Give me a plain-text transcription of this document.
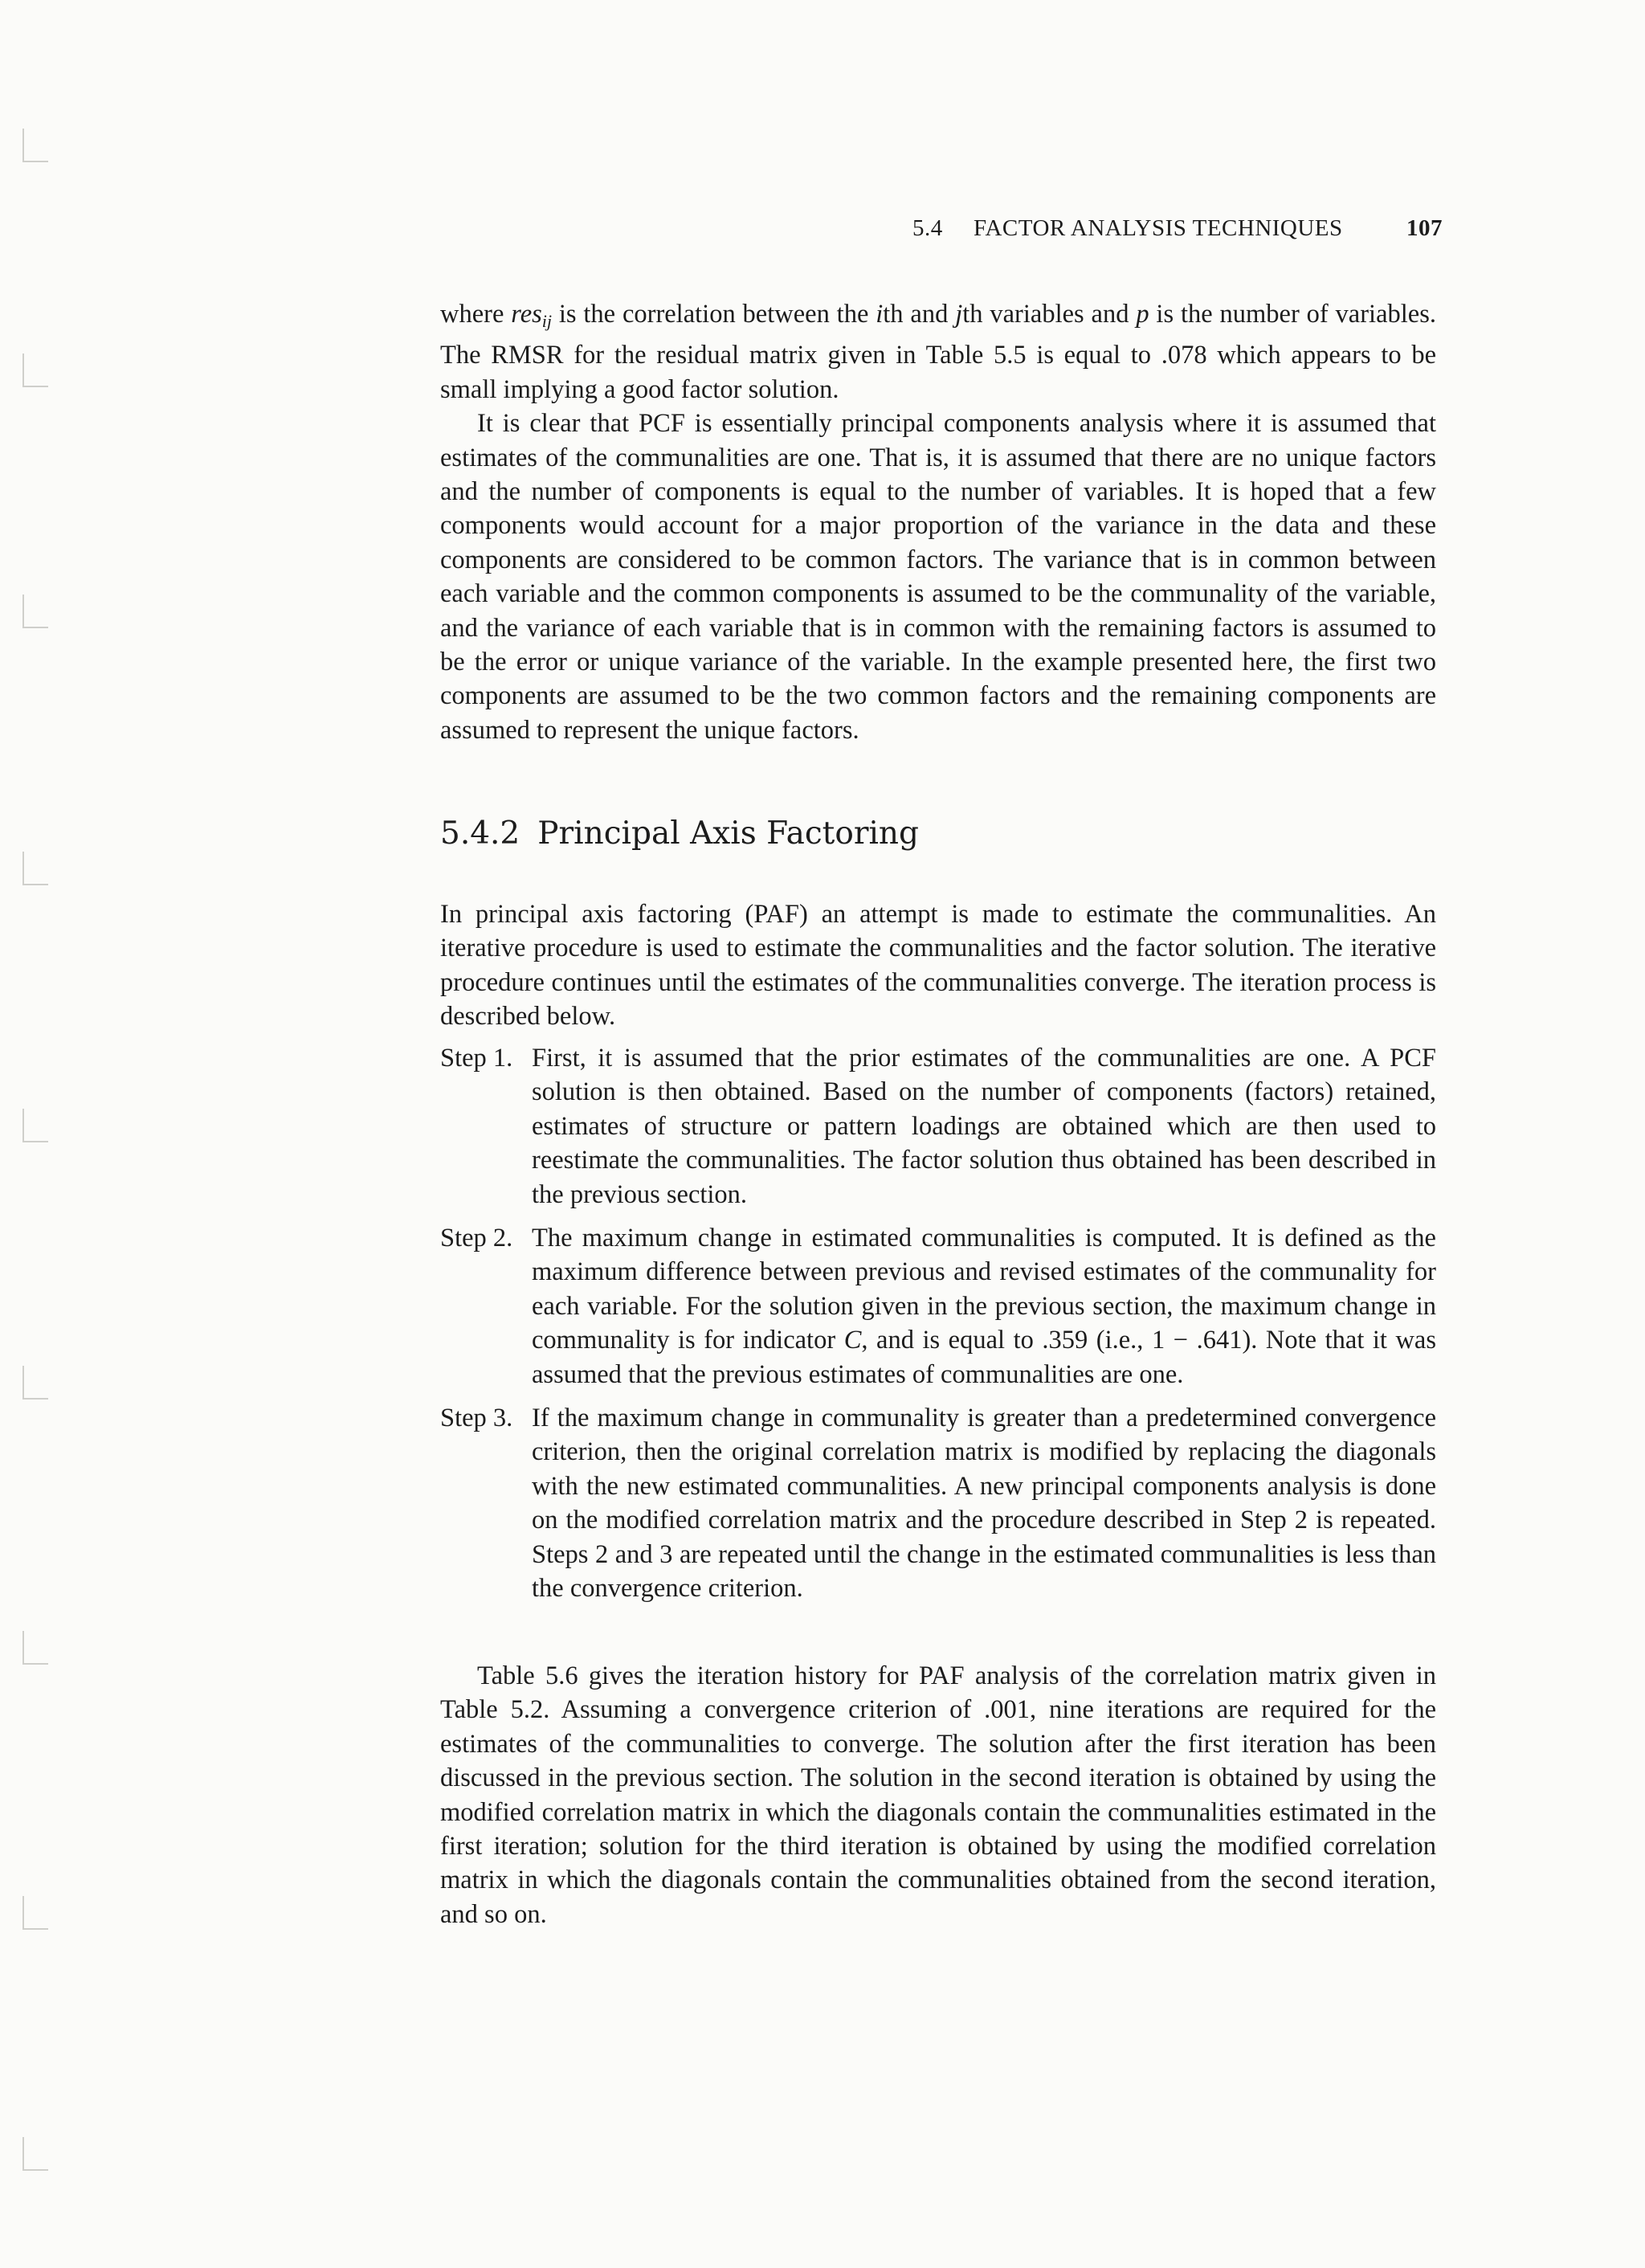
5.4 FACTOR ANALYSIS TECHNIQUES	107

where res$_{ij}$ is the correlation between the ith and jth variables and p is the number of variables. The RMSR for the residual matrix given in Table 5.5 is equal to .078 which appears to be small implying a good factor solution.

It is clear that PCF is essentially principal components analysis where it is assumed that estimates of the communalities are one. That is, it is assumed that there are no unique factors and the number of components is equal to the number of variables. It is hoped that a few components would account for a major proportion of the variance in the data and these components are considered to be common factors. The variance that is in common between each variable and the common components is assumed to be the communality of the variable, and the variance of each variable that is in common with the remaining factors is assumed to be the error or unique variance of the variable. In the example presented here, the first two components are assumed to be the two common factors and the remaining components are assumed to represent the unique factors.

5.4.2 Principal Axis Factoring

In principal axis factoring (PAF) an attempt is made to estimate the communalities. An iterative procedure is used to estimate the communalities and the factor solution. The iterative procedure continues until the estimates of the communalities converge. The iteration process is described below.

Step 1. First, it is assumed that the prior estimates of the communalities are one. A PCF solution is then obtained. Based on the number of components (factors) retained, estimates of structure or pattern loadings are obtained which are then used to reestimate the communalities. The factor solution thus obtained has been described in the previous section.
Step 2. The maximum change in estimated communalities is computed. It is defined as the maximum difference between previous and revised estimates of the communality for each variable. For the solution given in the previous section, the maximum change in communality is for indicator C, and is equal to .359 (i.e., 1 − .641). Note that it was assumed that the previous estimates of communalities are one.
Step 3. If the maximum change in communality is greater than a predetermined convergence criterion, then the original correlation matrix is modified by replacing the diagonals with the new estimated communalities. A new principal components analysis is done on the modified correlation matrix and the procedure described in Step 2 is repeated. Steps 2 and 3 are repeated until the change in the estimated communalities is less than the convergence criterion.

Table 5.6 gives the iteration history for PAF analysis of the correlation matrix given in Table 5.2. Assuming a convergence criterion of .001, nine iterations are required for the estimates of the communalities to converge. The solution after the first iteration has been discussed in the previous section. The solution in the second iteration is obtained by using the modified correlation matrix in which the diagonals contain the communalities estimated in the first iteration; solution for the third iteration is obtained by using the modified correlation matrix in which the diagonals contain the communalities obtained from the second iteration, and so on.
